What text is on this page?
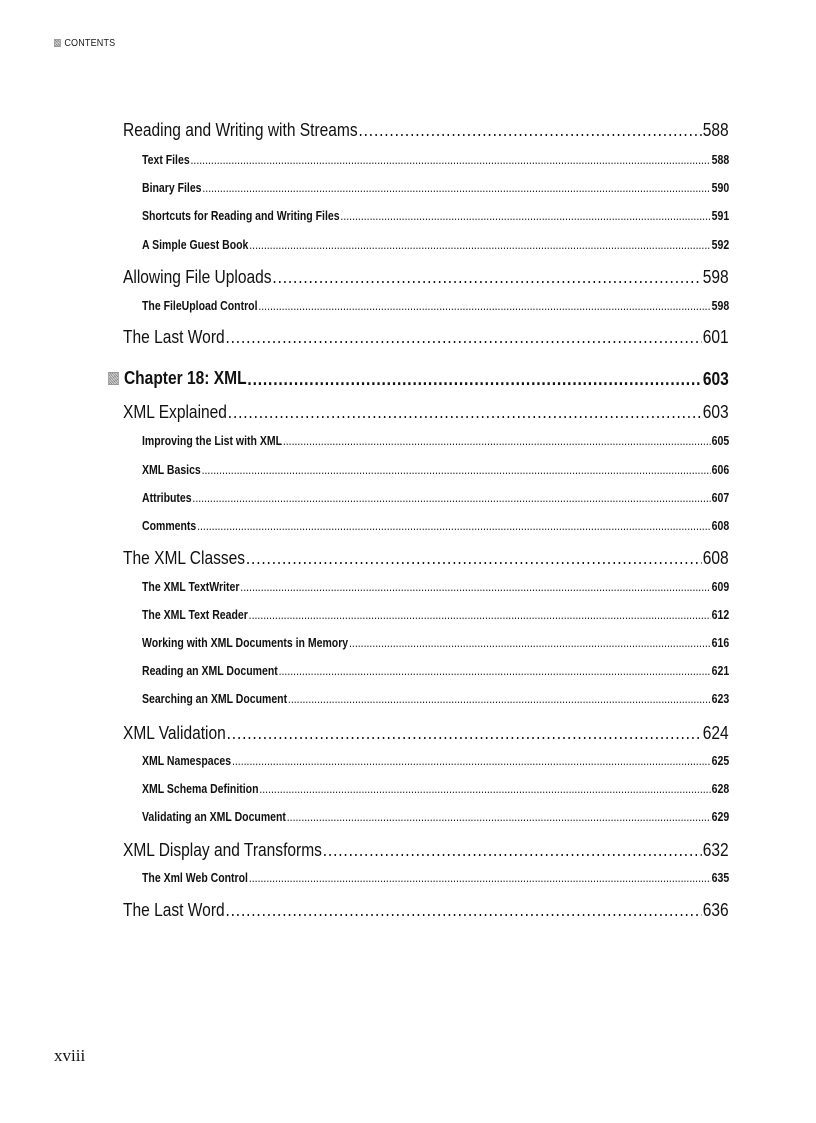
CONTENTS
Reading and Writing with Streams .....	588
Text Files .....	588
Binary Files .....	590
Shortcuts for Reading and Writing Files .....	591
A Simple Guest Book .....	592
Allowing File Uploads .....	598
The FileUpload Control .....	598
The Last Word .....	601
Chapter 18: XML .....	603
XML Explained .....	603
Improving the List with XML .....	605
XML Basics .....	606
Attributes .....	607
Comments .....	608
The XML Classes .....	608
The XML TextWriter .....	609
The XML Text Reader .....	612
Working with XML Documents in Memory .....	616
Reading an XML Document .....	621
Searching an XML Document .....	623
XML Validation .....	624
XML Namespaces .....	625
XML Schema Definition .....	628
Validating an XML Document .....	629
XML Display and Transforms .....	632
The Xml Web Control .....	635
The Last Word .....	636
xviii
